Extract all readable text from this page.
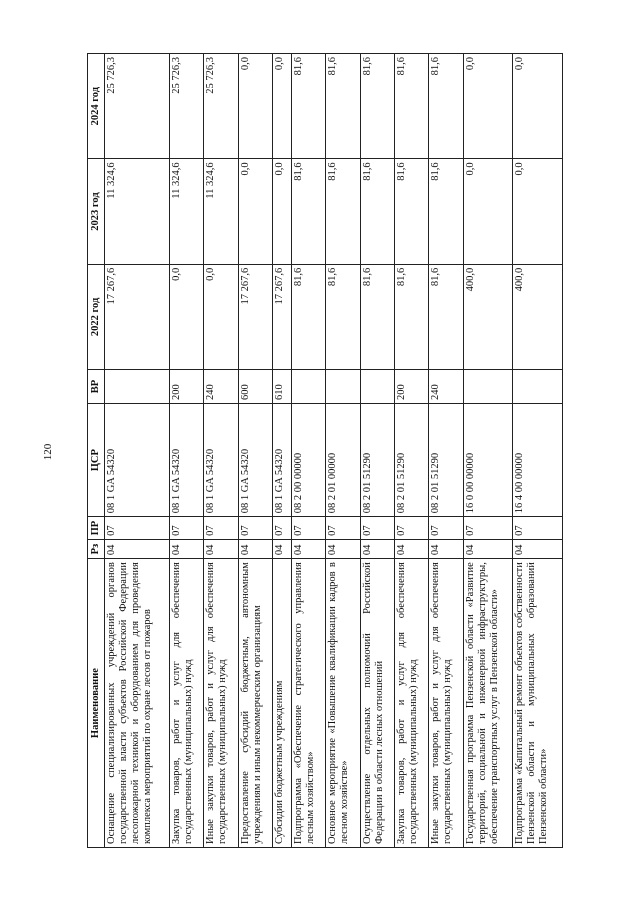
120
Наименование	Рз	ПР	ЦСР	ВР	2022 год	2023 год	2024 год
Оснащение специализированных учреждений органов государственной власти субъектов Российской Федерации лесопожарной техникой и оборудованием для проведения комплекса мероприятий по охране лесов от пожаров	04	07	08 1 GA 54320		17 267,6	11 324,6	25 726,3
Закупка товаров, работ и услуг для обеспечения государственных (муниципальных) нужд	04	07	08 1 GA 54320	200	0,0	11 324,6	25 726,3
Иные закупки товаров, работ и услуг для обеспечения государственных (муниципальных) нужд	04	07	08 1 GA 54320	240	0,0	11 324,6	25 726,3
Предоставление субсидий бюджетным, автономным учреждениям и иным некоммерческим организациям	04	07	08 1 GA 54320	600	17 267,6	0,0	0,0
Субсидии бюджетным учреждениям	04	07	08 1 GA 54320	610	17 267,6	0,0	0,0
Подпрограмма «Обеспечение стратегического управления лесным хозяйством»	04	07	08 2 00 00000		81,6	81,6	81,6
Основное мероприятие «Повышение квалификации кадров в лесном хозяйстве»	04	07	08 2 01 00000		81,6	81,6	81,6
Осуществление отдельных полномочий Российской Федерации в области лесных отношений	04	07	08 2 01 51290		81,6	81,6	81,6
Закупка товаров, работ и услуг для обеспечения государственных (муниципальных) нужд	04	07	08 2 01 51290	200	81,6	81,6	81,6
Иные закупки товаров, работ и услуг для обеспечения государственных (муниципальных) нужд	04	07	08 2 01 51290	240	81,6	81,6	81,6
Государственная программа Пензенской области «Развитие территорий, социальной и инженерной инфраструктуры, обеспечение транспортных услуг в Пензенской области»	04	07	16 0 00 00000		400,0	0,0	0,0
Подпрограмма «Капитальный ремонт объектов собственности Пензенской области и муниципальных образований Пензенской области»	04	07	16 4 00 00000		400,0	0,0	0,0
